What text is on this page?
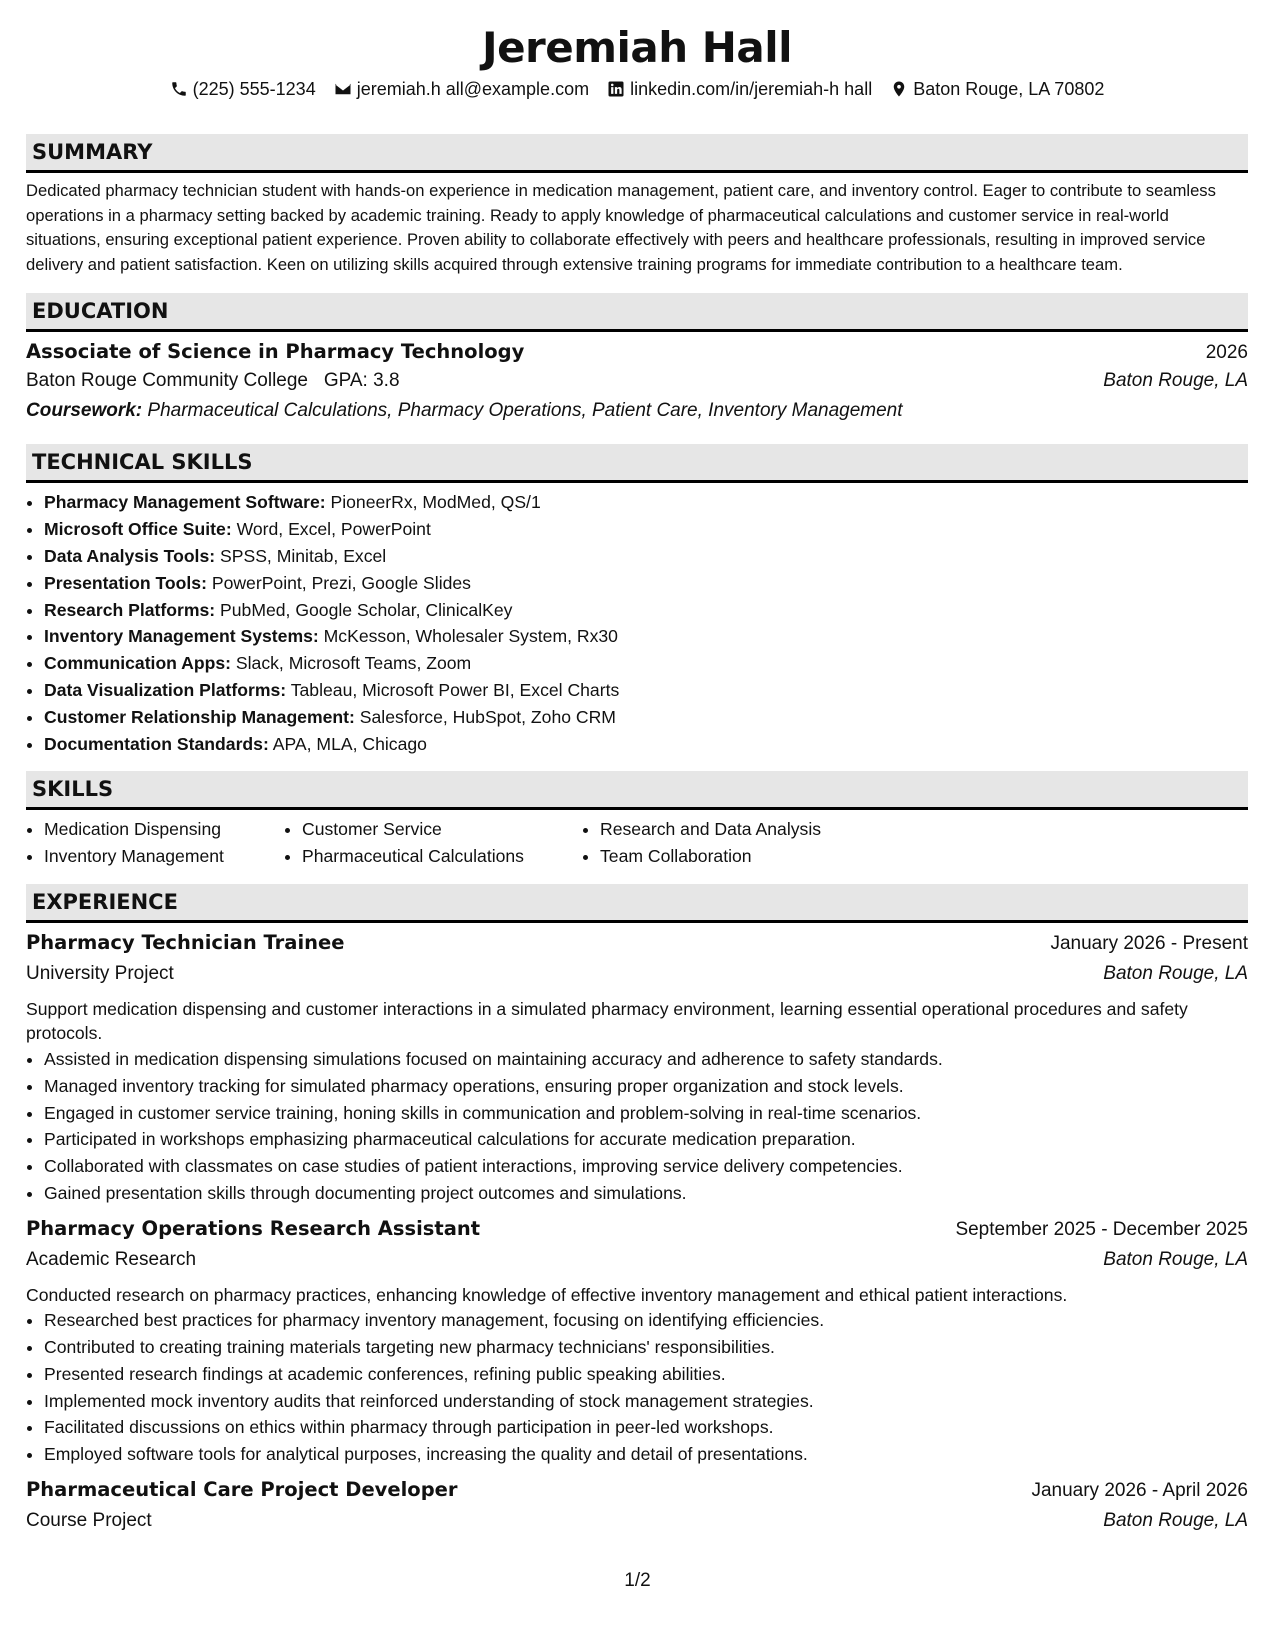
Jeremiah Hall
(225) 555-1234 jeremiah.h all@example.com linkedin.com/in/jeremiah-h hall Baton Rouge, LA 70802
SUMMARY
Dedicated pharmacy technician student with hands-on experience in medication management, patient care, and inventory control. Eager to contribute to seamless operations in a pharmacy setting backed by academic training. Ready to apply knowledge of pharmaceutical calculations and customer service in real-world situations, ensuring exceptional patient experience. Proven ability to collaborate effectively with peers and healthcare professionals, resulting in improved service delivery and patient satisfaction. Keen on utilizing skills acquired through extensive training programs for immediate contribution to a healthcare team.
EDUCATION
Associate of Science in Pharmacy Technology	2026
Baton Rouge Community College GPA: 3.8	Baton Rouge, LA
Coursework: Pharmaceutical Calculations, Pharmacy Operations, Patient Care, Inventory Management
TECHNICAL SKILLS
• Pharmacy Management Software: PioneerRx, ModMed, QS/1
• Microsoft Office Suite: Word, Excel, PowerPoint
• Data Analysis Tools: SPSS, Minitab, Excel
• Presentation Tools: PowerPoint, Prezi, Google Slides
• Research Platforms: PubMed, Google Scholar, ClinicalKey
• Inventory Management Systems: McKesson, Wholesaler System, Rx30
• Communication Apps: Slack, Microsoft Teams, Zoom
• Data Visualization Platforms: Tableau, Microsoft Power BI, Excel Charts
• Customer Relationship Management: Salesforce, HubSpot, Zoho CRM
• Documentation Standards: APA, MLA, Chicago
SKILLS
• Medication Dispensing
• Inventory Management
• Customer Service
• Pharmaceutical Calculations
• Research and Data Analysis
• Team Collaboration
EXPERIENCE
Pharmacy Technician Trainee	January 2026 - Present
University Project	Baton Rouge, LA
Support medication dispensing and customer interactions in a simulated pharmacy environment, learning essential operational procedures and safety protocols.
• Assisted in medication dispensing simulations focused on maintaining accuracy and adherence to safety standards.
• Managed inventory tracking for simulated pharmacy operations, ensuring proper organization and stock levels.
• Engaged in customer service training, honing skills in communication and problem-solving in real-time scenarios.
• Participated in workshops emphasizing pharmaceutical calculations for accurate medication preparation.
• Collaborated with classmates on case studies of patient interactions, improving service delivery competencies.
• Gained presentation skills through documenting project outcomes and simulations.
Pharmacy Operations Research Assistant	September 2025 - December 2025
Academic Research	Baton Rouge, LA
Conducted research on pharmacy practices, enhancing knowledge of effective inventory management and ethical patient interactions.
• Researched best practices for pharmacy inventory management, focusing on identifying efficiencies.
• Contributed to creating training materials targeting new pharmacy technicians' responsibilities.
• Presented research findings at academic conferences, refining public speaking abilities.
• Implemented mock inventory audits that reinforced understanding of stock management strategies.
• Facilitated discussions on ethics within pharmacy through participation in peer-led workshops.
• Employed software tools for analytical purposes, increasing the quality and detail of presentations.
Pharmaceutical Care Project Developer	January 2026 - April 2026
Course Project	Baton Rouge, LA
1/2
